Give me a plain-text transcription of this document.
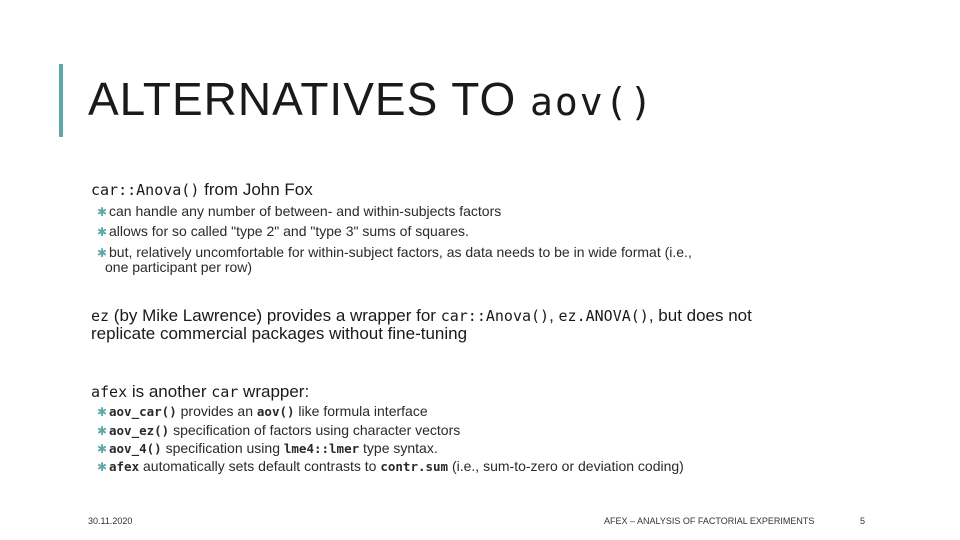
ALTERNATIVES TO aov()
car::Anova() from John Fox
✱ can handle any number of between- and within-subjects factors
✱ allows for so called "type 2" and "type 3" sums of squares.
✱ but, relatively uncomfortable for within-subject factors, as data needs to be in wide format (i.e.,
one participant per row)
ez (by Mike Lawrence) provides a wrapper for car::Anova(), ez.ANOVA(), but does not
replicate commercial packages without fine-tuning
afex is another car wrapper:
✱ aov_car() provides an aov() like formula interface
✱ aov_ez() specification of factors using character vectors
✱ aov_4() specification using lme4::lmer type syntax.
✱ afex automatically sets default contrasts to contr.sum (i.e., sum-to-zero or deviation coding)
30.11.2020	AFEX – ANALYSIS OF FACTORIAL EXPERIMENTS	5
